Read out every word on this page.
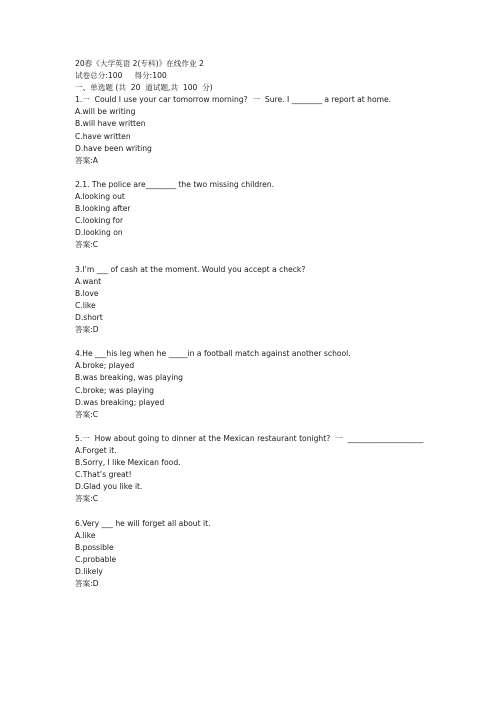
20春《大学英语 2(专科)》在线作业 2
试卷总分:100     得分:100
一、单选题 (共  20  道试题,共  100  分)
1.一  Could I use your car tomorrow morning?  一  Sure. I ________ a report at home.
A.will be writing
B.will have written
C.have written
D.have been writing
答案:A
2.1. The police are________ the two missing children.
A.looking out
B.looking after
C.looking for
D.looking on
答案:C
3.I’m ___ of cash at the moment. Would you accept a check?
A.want
B.love
C.like
D.short
答案:D
4.He ___his leg when he _____in a football match against another school.
A.broke; played
B.was breaking, was playing
C.broke; was playing
D.was breaking; played
答案:C
5.一  How about going to dinner at the Mexican restaurant tonight?  一  ____________________
A.Forget it.
B.Sorry, I like Mexican food.
C.That’s great!
D.Glad you like it.
答案:C
6.Very ___ he will forget all about it.
A.like
B.possible
C.probable
D.likely
答案:D
